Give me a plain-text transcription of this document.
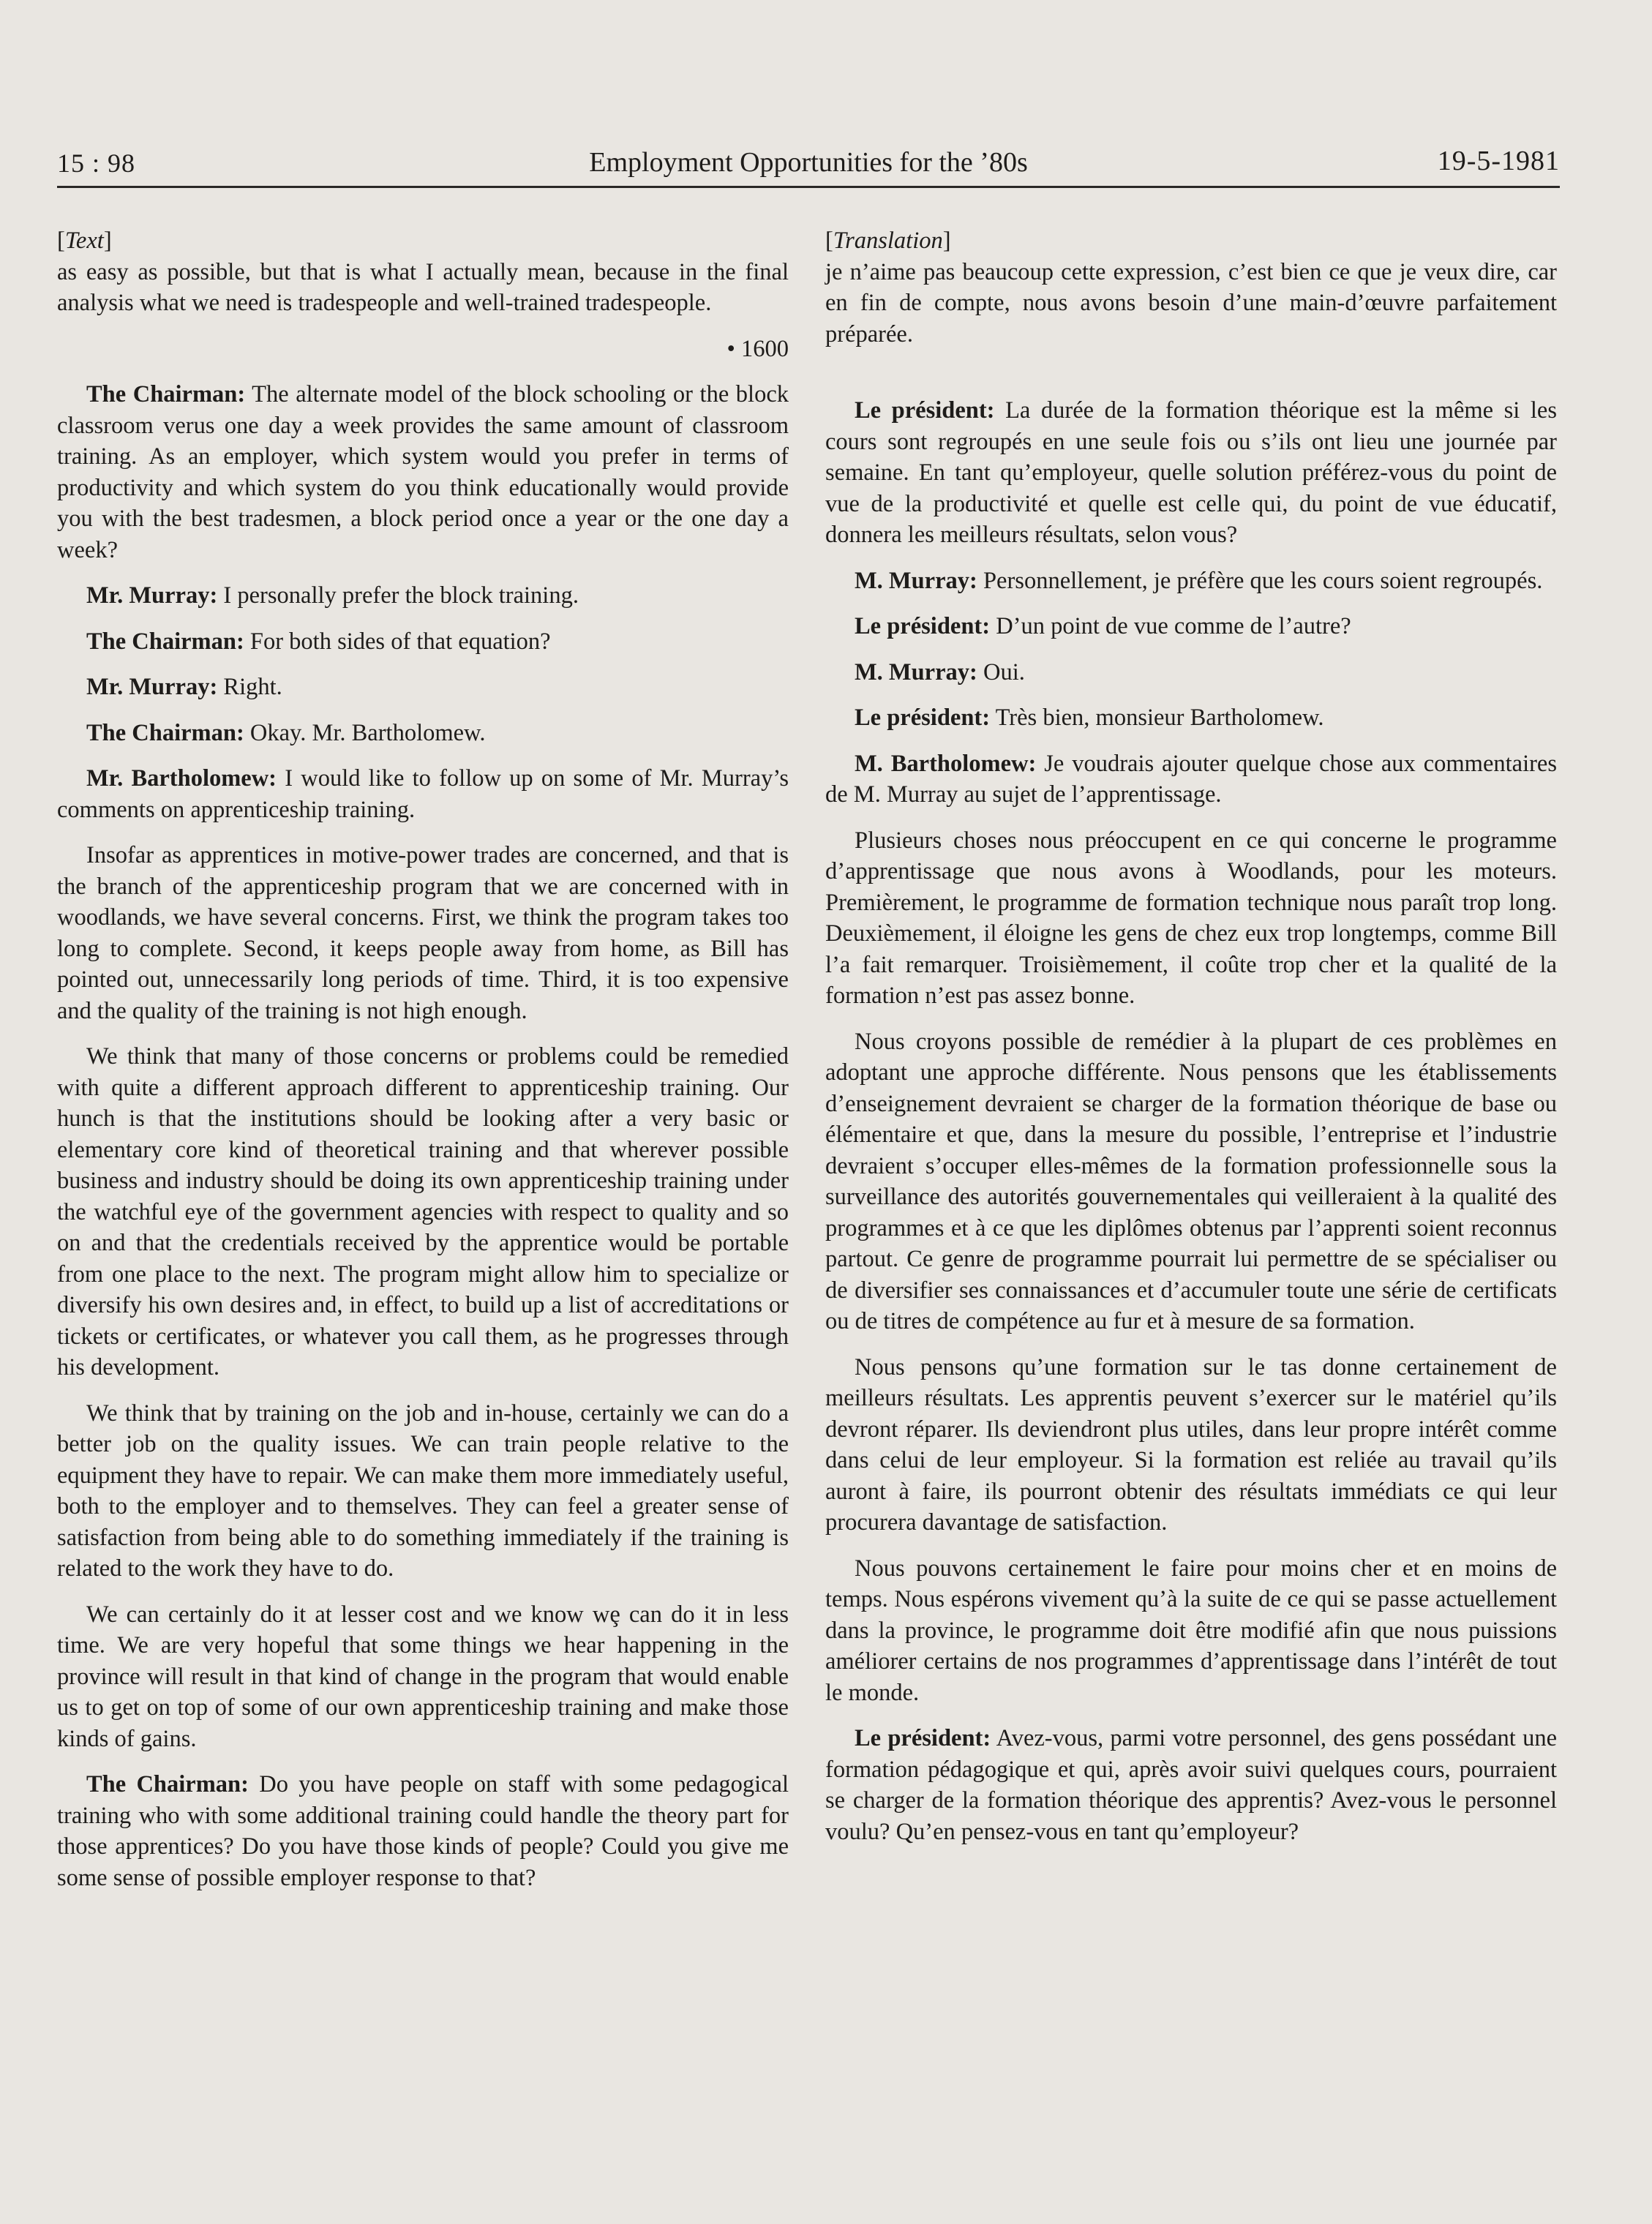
15 : 98	Employment Opportunities for the ’80s	19-5-1981
[Text]

as easy as possible, but that is what I actually mean, because in the final analysis what we need is tradespeople and well-trained tradespeople.

• 1600

The Chairman: The alternate model of the block schooling or the block classroom verus one day a week provides the same amount of classroom training. As an employer, which system would you prefer in terms of productivity and which system do you think educationally would provide you with the best tradesmen, a block period once a year or the one day a week?

Mr. Murray: I personally prefer the block training.

The Chairman: For both sides of that equation?

Mr. Murray: Right.

The Chairman: Okay. Mr. Bartholomew.

Mr. Bartholomew: I would like to follow up on some of Mr. Murray’s comments on apprenticeship training.

Insofar as apprentices in motive-power trades are concerned, and that is the branch of the apprenticeship program that we are concerned with in woodlands, we have several concerns. First, we think the program takes too long to complete. Second, it keeps people away from home, as Bill has pointed out, unnecessarily long periods of time. Third, it is too expensive and the quality of the training is not high enough.

We think that many of those concerns or problems could be remedied with quite a different approach different to apprenticeship training. Our hunch is that the institutions should be looking after a very basic or elementary core kind of theoretical training and that wherever possible business and industry should be doing its own apprenticeship training under the watchful eye of the government agencies with respect to quality and so on and that the credentials received by the apprentice would be portable from one place to the next. The program might allow him to specialize or diversify his own desires and, in effect, to build up a list of accreditations or tickets or certificates, or whatever you call them, as he progresses through his development.

We think that by training on the job and in-house, certainly we can do a better job on the quality issues. We can train people relative to the equipment they have to repair. We can make them more immediately useful, both to the employer and to themselves. They can feel a greater sense of satisfaction from being able to do something immediately if the training is related to the work they have to do.

We can certainly do it at lesser cost and we know wȩ can do it in less time. We are very hopeful that some things we hear happening in the province will result in that kind of change in the program that would enable us to get on top of some of our own apprenticeship training and make those kinds of gains.

The Chairman: Do you have people on staff with some pedagogical training who with some additional training could handle the theory part for those apprentices? Do you have those kinds of people? Could you give me some sense of possible employer response to that?

[Translation]

je n’aime pas beaucoup cette expression, c’est bien ce que je veux dire, car en fin de compte, nous avons besoin d’une main-d’œuvre parfaitement préparée.

Le président: La durée de la formation théorique est la même si les cours sont regroupés en une seule fois ou s’ils ont lieu une journée par semaine. En tant qu’employeur, quelle solution préférez-vous du point de vue de la productivité et quelle est celle qui, du point de vue éducatif, donnera les meilleurs résultats, selon vous?

M. Murray: Personnellement, je préfère que les cours soient regroupés.

Le président: D’un point de vue comme de l’autre?

M. Murray: Oui.

Le président: Très bien, monsieur Bartholomew.

M. Bartholomew: Je voudrais ajouter quelque chose aux commentaires de M. Murray au sujet de l’apprentissage.

Plusieurs choses nous préoccupent en ce qui concerne le programme d’apprentissage que nous avons à Woodlands, pour les moteurs. Premièrement, le programme de formation technique nous paraît trop long. Deuxièmement, il éloigne les gens de chez eux trop longtemps, comme Bill l’a fait remarquer. Troisièmement, il coûte trop cher et la qualité de la formation n’est pas assez bonne.

Nous croyons possible de remédier à la plupart de ces problèmes en adoptant une approche différente. Nous pensons que les établissements d’enseignement devraient se charger de la formation théorique de base ou élémentaire et que, dans la mesure du possible, l’entreprise et l’industrie devraient s’occuper elles-mêmes de la formation professionnelle sous la surveillance des autorités gouvernementales qui veilleraient à la qualité des programmes et à ce que les diplômes obtenus par l’apprenti soient reconnus partout. Ce genre de programme pourrait lui permettre de se spécialiser ou de diversifier ses connaissances et d’accumuler toute une série de certificats ou de titres de compétence au fur et à mesure de sa formation.

Nous pensons qu’une formation sur le tas donne certainement de meilleurs résultats. Les apprentis peuvent s’exercer sur le matériel qu’ils devront réparer. Ils deviendront plus utiles, dans leur propre intérêt comme dans celui de leur employeur. Si la formation est reliée au travail qu’ils auront à faire, ils pourront obtenir des résultats immédiats ce qui leur procurera davantage de satisfaction.

Nous pouvons certainement le faire pour moins cher et en moins de temps. Nous espérons vivement qu’à la suite de ce qui se passe actuellement dans la province, le programme doit être modifié afin que nous puissions améliorer certains de nos programmes d’apprentissage dans l’intérêt de tout le monde.

Le président: Avez-vous, parmi votre personnel, des gens possédant une formation pédagogique et qui, après avoir suivi quelques cours, pourraient se charger de la formation théorique des apprentis? Avez-vous le personnel voulu? Qu’en pensez-vous en tant qu’employeur?
